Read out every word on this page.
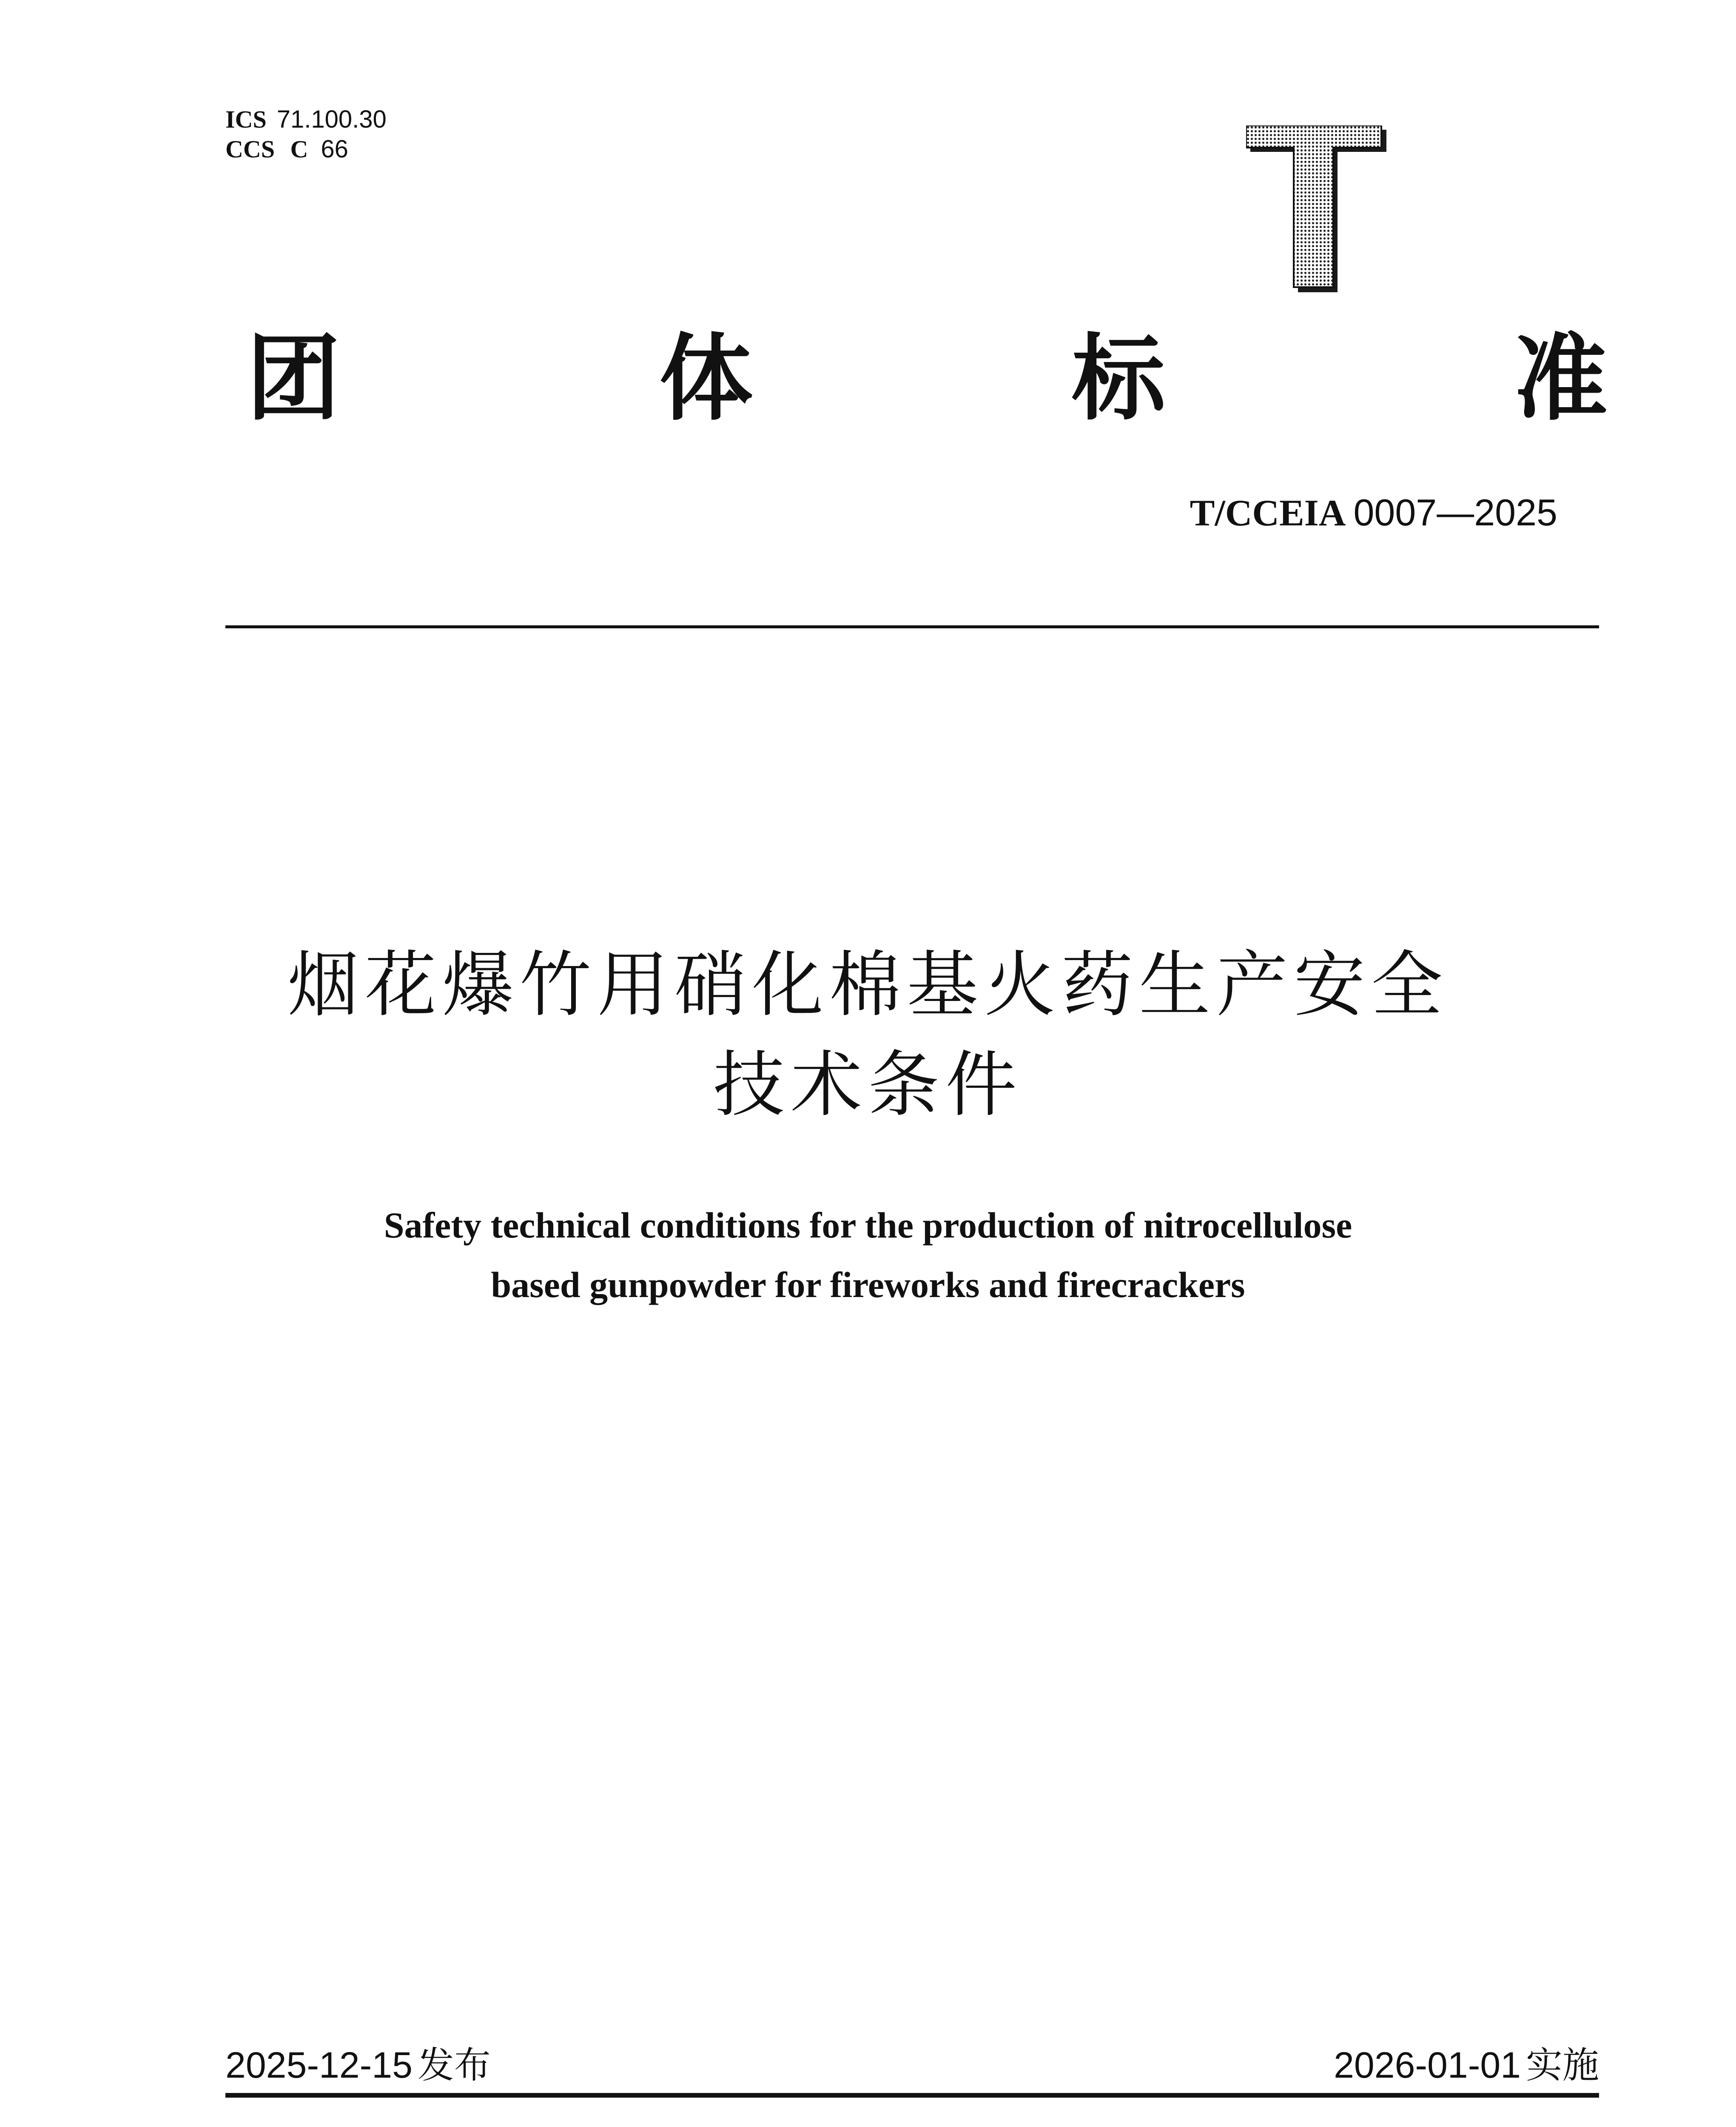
ICS 71.100.30
CCS C 66
团	体	标	准
T/CCEIA 0007—2025
烟花爆竹用硝化棉基火药生产安全
技术条件
Safety technical conditions for the production of nitrocellulose
based gunpowder for fireworks and firecrackers
2025-12-15 发布	2026-01-01 实施
